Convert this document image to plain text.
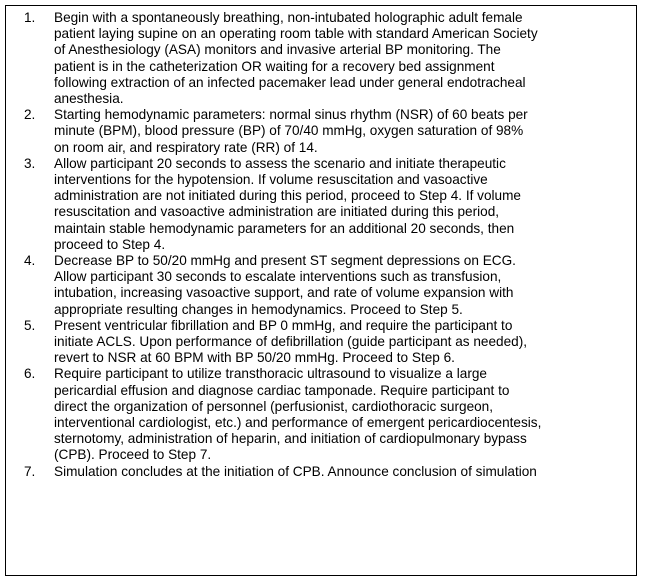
1. Begin with a spontaneously breathing, non-intubated holographic adult female
patient laying supine on an operating room table with standard American Society
of Anesthesiology (ASA) monitors and invasive arterial BP monitoring. The
patient is in the catheterization OR waiting for a recovery bed assignment
following extraction of an infected pacemaker lead under general endotracheal
anesthesia.
2. Starting hemodynamic parameters: normal sinus rhythm (NSR) of 60 beats per
minute (BPM), blood pressure (BP) of 70/40 mmHg, oxygen saturation of 98%
on room air, and respiratory rate (RR) of 14.
3. Allow participant 20 seconds to assess the scenario and initiate therapeutic
interventions for the hypotension. If volume resuscitation and vasoactive
administration are not initiated during this period, proceed to Step 4. If volume
resuscitation and vasoactive administration are initiated during this period,
maintain stable hemodynamic parameters for an additional 20 seconds, then
proceed to Step 4.
4. Decrease BP to 50/20 mmHg and present ST segment depressions on ECG.
Allow participant 30 seconds to escalate interventions such as transfusion,
intubation, increasing vasoactive support, and rate of volume expansion with
appropriate resulting changes in hemodynamics. Proceed to Step 5.
5. Present ventricular fibrillation and BP 0 mmHg, and require the participant to
initiate ACLS. Upon performance of defibrillation (guide participant as needed),
revert to NSR at 60 BPM with BP 50/20 mmHg. Proceed to Step 6.
6. Require participant to utilize transthoracic ultrasound to visualize a large
pericardial effusion and diagnose cardiac tamponade. Require participant to
direct the organization of personnel (perfusionist, cardiothoracic surgeon,
interventional cardiologist, etc.) and performance of emergent pericardiocentesis,
sternotomy, administration of heparin, and initiation of cardiopulmonary bypass
(CPB). Proceed to Step 7.
7. Simulation concludes at the initiation of CPB. Announce conclusion of simulation
